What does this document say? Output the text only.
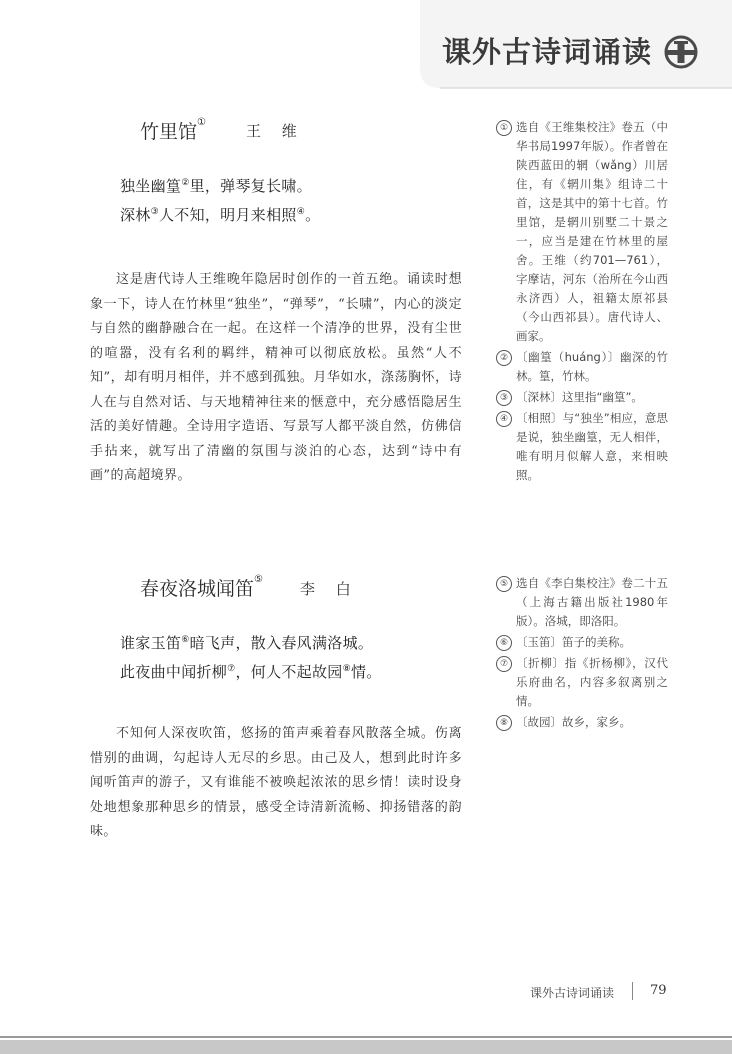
课外古诗词诵读
1
竹里馆①	王 维
独坐幽篁②里，弹琴复长啸。
深林③人不知，明月来相照④。

这是唐代诗人王维晚年隐居时创作的一首五绝。诵读时想象一下，诗人在竹林里“独坐”，“弹琴”，“长啸”，内心的淡定与自然的幽静融合在一起。在这样一个清净的世界，没有尘世的喧嚣，没有名利的羁绊，精神可以彻底放松。虽然“人不知”，却有明月相伴，并不感到孤独。月华如水，涤荡胸怀，诗人在与自然对话、与天地精神往来的惬意中，充分感悟隐居生活的美好情趣。全诗用字造语、写景写人都平淡自然，仿佛信手拈来，就写出了清幽的氛围与淡泊的心态，达到“诗中有画”的高超境界。

① 选自《王维集校注》卷五（中华书局1997年版）。作者曾在陕西蓝田的辋（wǎng）川居住，有《辋川集》组诗二十首，这是其中的第十七首。竹里馆，是辋川别墅二十景之一，应当是建在竹林里的屋舍。王维（约701—761），字摩诘，河东（治所在今山西永济西）人，祖籍太原祁县（今山西祁县）。唐代诗人、画家。
② 〔幽篁（huáng）〕幽深的竹林。篁，竹林。
③ 〔深林〕这里指“幽篁”。
④ 〔相照〕与“独坐”相应，意思是说，独坐幽篁，无人相伴，唯有明月似解人意，来相映照。
春夜洛城闻笛⑤
李 白
谁家玉笛⑥暗飞声，散入春风满洛城。
此夜曲中闻折柳⑦，何人不起故园⑧情。

不知何人深夜吹笛，悠扬的笛声乘着春风散落全城。伤离惜别的曲调，勾起诗人无尽的乡思。由己及人，想到此时许多闻听笛声的游子，又有谁能不被唤起浓浓的思乡情！读时设身处地想象那种思乡的情景，感受全诗清新流畅、抑扬错落的韵味。

⑤ 选自《李白集校注》卷二十五（上海古籍出版社1980年版）。洛城，即洛阳。
⑥ 〔玉笛〕笛子的美称。
⑦ 〔折柳〕指《折杨柳》，汉代乐府曲名，内容多叙离别之情。
⑧ 〔故园〕故乡，家乡。
课外古诗词诵读	79
